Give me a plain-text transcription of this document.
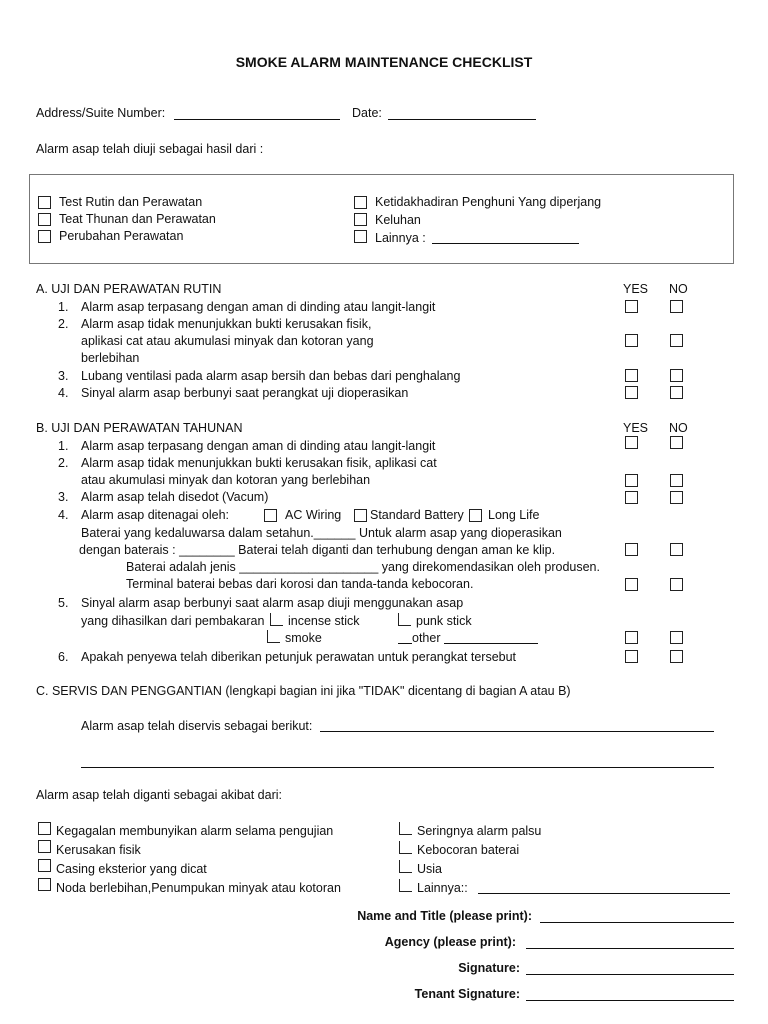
SMOKE ALARM MAINTENANCE CHECKLIST
Address/Suite Number:	Date:
Alarm asap telah diuji sebagai hasil dari :
Test Rutin dan Perawatan
Teat Thunan dan Perawatan
Perubahan Perawatan
Ketidakhadiran Penghuni Yang diperjang
Keluhan
Lainnya :
A. UJI DAN PERAWATAN RUTIN	YES NO
1. Alarm asap terpasang dengan aman di dinding atau langit-langit
2. Alarm asap tidak menunjukkan bukti kerusakan fisik,
aplikasi cat atau akumulasi minyak dan kotoran yang
berlebihan
3. Lubang ventilasi pada alarm asap bersih dan bebas dari penghalang
4. Sinyal alarm asap berbunyi saat perangkat uji dioperasikan
B. UJI DAN PERAWATAN TAHUNAN	YES NO
1. Alarm asap terpasang dengan aman di dinding atau langit-langit
2. Alarm asap tidak menunjukkan bukti kerusakan fisik, aplikasi cat
atau akumulasi minyak dan kotoran yang berlebihan
3. Alarm asap telah disedot (Vacum)
4. Alarm asap ditenagai oleh:	AC Wiring Standard Battery Long Life
Baterai yang kedaluwarsa dalam setahun.______ Untuk alarm asap yang dioperasikan
dengan baterais : ________ Baterai telah diganti dan terhubung dengan aman ke klip.
Baterai adalah jenis ____________________ yang direkomendasikan oleh produsen.
Terminal baterai bebas dari korosi dan tanda-tanda kebocoran.
5. Sinyal alarm asap berbunyi saat alarm asap diuji menggunakan asap
yang dihasilkan dari pembakaran incense stick	punk stick
smoke	other
6. Apakah penyewa telah diberikan petunjuk perawatan untuk perangkat tersebut
C. SERVIS DAN PENGGANTIAN (lengkapi bagian ini jika "TIDAK" dicentang di bagian A atau B)
Alarm asap telah diservis sebagai berikut:
Alarm asap telah diganti sebagai akibat dari:
Kegagalan membunyikan alarm selama pengujian
Kerusakan fisik
Casing eksterior yang dicat
Noda berlebihan,Penumpukan minyak atau kotoran
Seringnya alarm palsu
Kebocoran baterai
Usia
Lainnya::
Name and Title (please print):
Agency (please print):
Signature:
Tenant Signature:
